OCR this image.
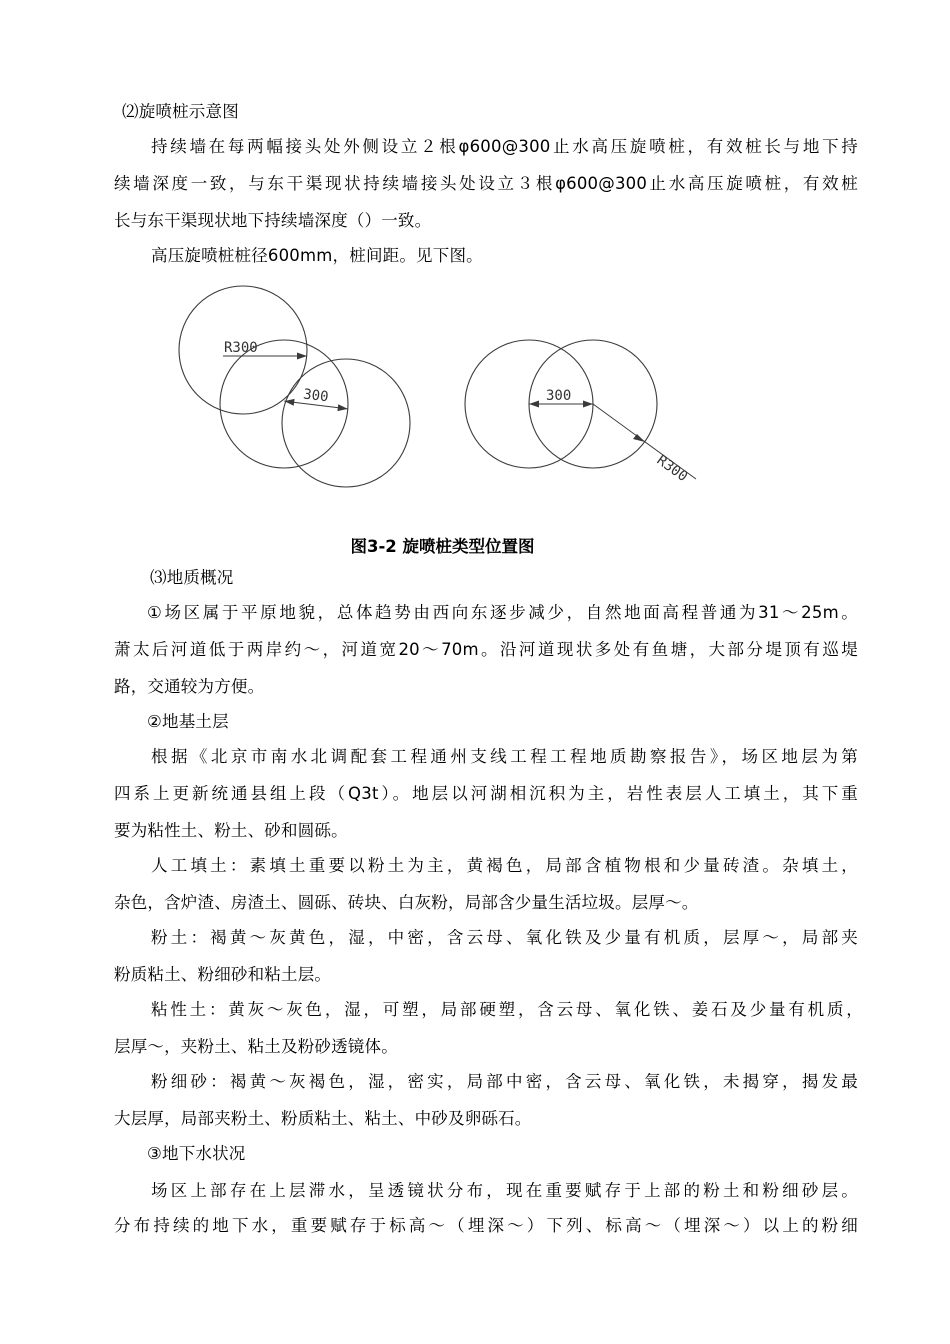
⑵旋喷桩示意图
持续墙在每两幅接头处外侧设立２根φ600@300止水高压旋喷桩，有效桩长与地下持
续墙深度一致，与东干渠现状持续墙接头处设立３根φ600@300止水高压旋喷桩，有效桩
长与东干渠现状地下持续墙深度（）一致。
高压旋喷桩桩径600mm，桩间距。见下图。
R300
300	300
R300
图3-2 旋喷桩类型位置图
⑶地质概况
①场区属于平原地貌，总体趋势由西向东逐步减少，自然地面高程普通为31～25m。
萧太后河道低于两岸约～，河道宽20～70m。沿河道现状多处有鱼塘，大部分堤顶有巡堤
路，交通较为方便。
②地基土层
根据《北京市南水北调配套工程通州支线工程工程地质勘察报告》，场区地层为第
四系上更新统通县组上段（Q3t）。地层以河湖相沉积为主，岩性表层人工填土，其下重
要为粘性土、粉土、砂和圆砾。
人工填土：素填土重要以粉土为主，黄褐色，局部含植物根和少量砖渣。杂填土，
杂色，含炉渣、房渣土、圆砾、砖块、白灰粉，局部含少量生活垃圾。层厚～。
粉土：褐黄～灰黄色，湿，中密，含云母、氧化铁及少量有机质，层厚～，局部夹
粉质粘土、粉细砂和粘土层。
粘性土：黄灰～灰色，湿，可塑，局部硬塑，含云母、氧化铁、姜石及少量有机质，
层厚～，夹粉土、粘土及粉砂透镜体。
粉细砂：褐黄～灰褐色，湿，密实，局部中密，含云母、氧化铁，未揭穿，揭发最
大层厚，局部夹粉土、粉质粘土、粘土、中砂及卵砾石。
③地下水状况
场区上部存在上层滞水，呈透镜状分布，现在重要赋存于上部的粉土和粉细砂层。
分布持续的地下水，重要赋存于标高～（埋深～）下列、标高～（埋深～）以上的粉细
